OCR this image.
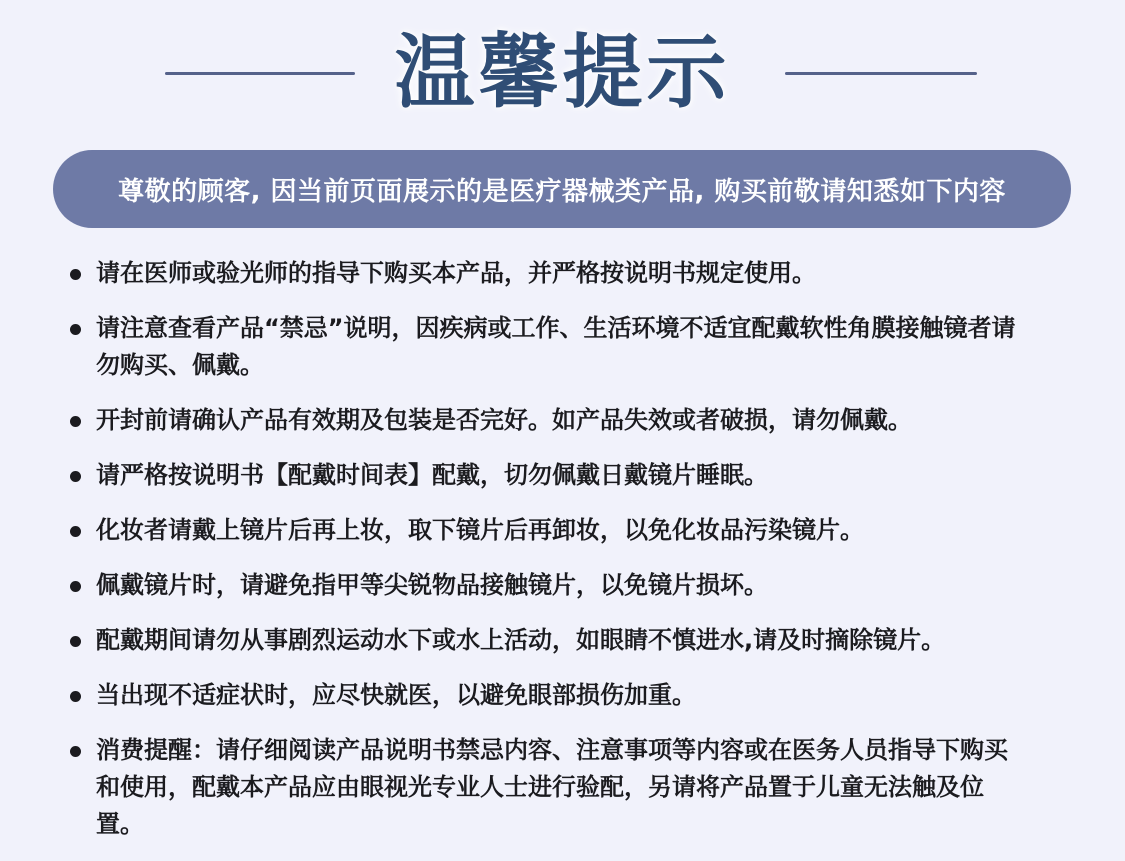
温馨提示
尊敬的顾客, 因当前页面展示的是医疗器械类产品, 购买前敬请知悉如下内容
请在医师或验光师的指导下购买本产品，并严格按说明书规定使用。
请注意查看产品“禁忌”说明，因疾病或工作、生活环境不适宜配戴软性角膜接触镜者请勿购买、佩戴。
开封前请确认产品有效期及包装是否完好。如产品失效或者破损，请勿佩戴。
请严格按说明书【配戴时间表】配戴，切勿佩戴日戴镜片睡眠。
化妆者请戴上镜片后再上妆，取下镜片后再卸妆，以免化妆品污染镜片。
佩戴镜片时，请避免指甲等尖锐物品接触镜片，以免镜片损坏。
配戴期间请勿从事剧烈运动水下或水上活动，如眼睛不慎进水,请及时摘除镜片。
当出现不适症状时，应尽快就医，以避免眼部损伤加重。
消费提醒：请仔细阅读产品说明书禁忌内容、注意事项等内容或在医务人员指导下购买和使用，配戴本产品应由眼视光专业人士进行验配，另请将产品置于儿童无法触及位置。
